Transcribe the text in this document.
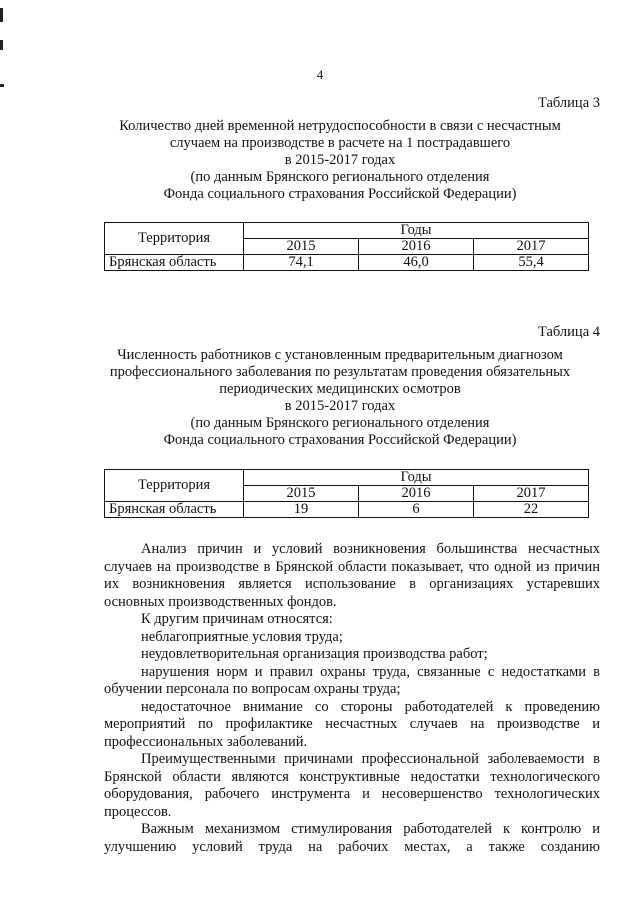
4
Таблица 3
Количество дней временной нетрудоспособности в связи с несчастным
случаем на производстве в расчете на 1 пострадавшего
в 2015-2017 годах
(по данным Брянского регионального отделения
Фонда социального страхования Российской Федерации)
Территория	Годы		
	2015	2016	2017
Брянская область	74,1	46,0	55,4
Таблица 4
Численность работников с установленным предварительным диагнозом
профессионального заболевания по результатам проведения обязательных
периодических медицинских осмотров
в 2015-2017 годах
(по данным Брянского регионального отделения
Фонда социального страхования Российской Федерации)
Территория	Годы		
	2015	2016	2017
Брянская область	19	6	22

Анализ причин и условий возникновения большинства несчастных случаев на производстве в Брянской области показывает, что одной из причин их возникновения является использование в организациях устаревших основных производственных фондов.

К другим причинам относятся:

неблагоприятные условия труда;

неудовлетворительная организация производства работ;

нарушения норм и правил охраны труда, связанные с недостатками в обучении персонала по вопросам охраны труда;

недостаточное внимание со стороны работодателей к проведению мероприятий по профилактике несчастных случаев на производстве и профессиональных заболеваний.

Преимущественными причинами профессиональной заболеваемости в Брянской области являются конструктивные недостатки технологического оборудования, рабочего инструмента и несовершенство технологических процессов.

Важным механизмом стимулирования работодателей к контролю и улучшению условий труда на рабочих местах, а также созданию
